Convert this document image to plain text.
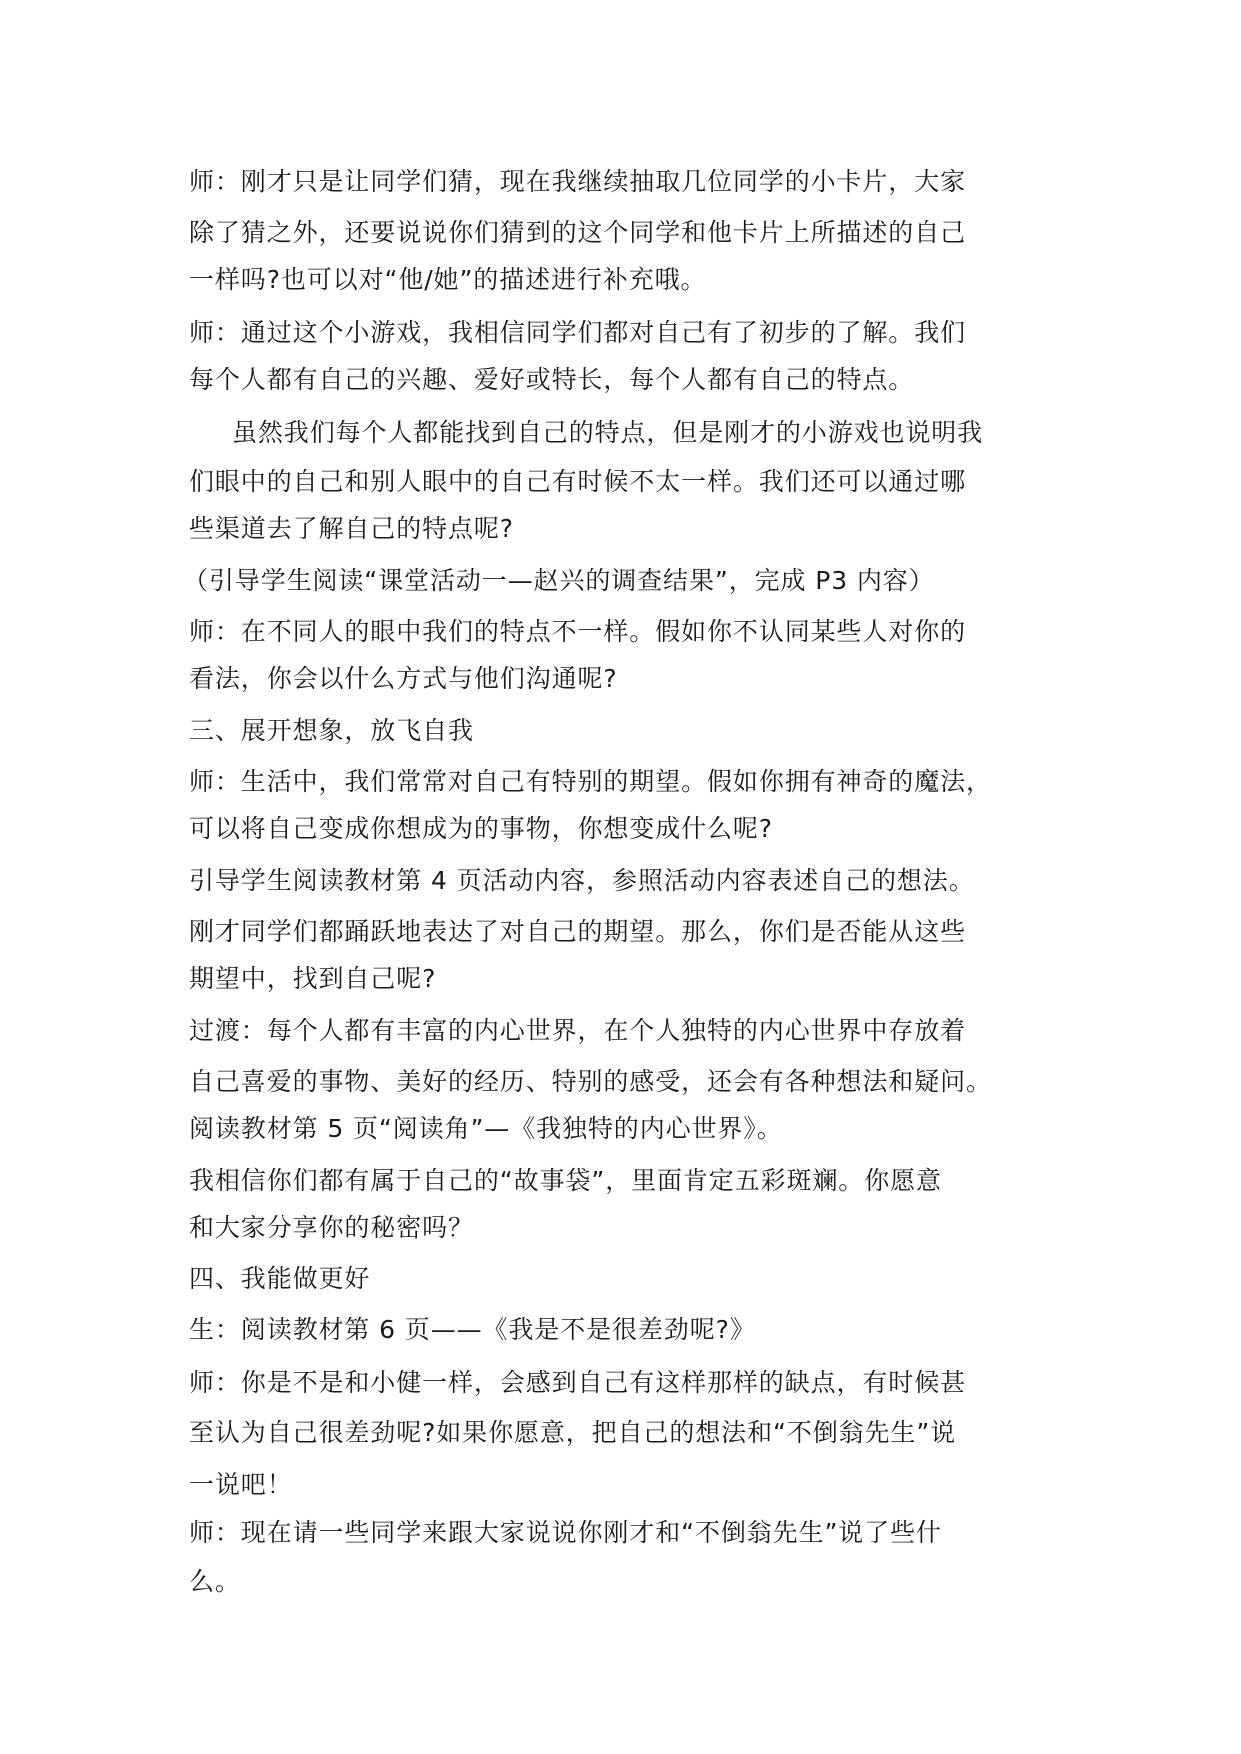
师：刚才只是让同学们猜，现在我继续抽取几位同学的小卡片，大家
除了猜之外，还要说说你们猜到的这个同学和他卡片上所描述的自己
一样吗?也可以对“他/她”的描述进行补充哦。
师：通过这个小游戏，我相信同学们都对自己有了初步的了解。我们
每个人都有自己的兴趣、爱好或特长，每个人都有自己的特点。
虽然我们每个人都能找到自己的特点，但是刚才的小游戏也说明我
们眼中的自己和别人眼中的自己有时候不太一样。我们还可以通过哪
些渠道去了解自己的特点呢?
（引导学生阅读“课堂活动一—赵兴的调查结果”，完成 P3 内容）
师：在不同人的眼中我们的特点不一样。假如你不认同某些人对你的
看法，你会以什么方式与他们沟通呢?
三、展开想象，放飞自我
师：生活中，我们常常对自己有特别的期望。假如你拥有神奇的魔法，
可以将自己变成你想成为的事物，你想变成什么呢?
引导学生阅读教材第 4 页活动内容，参照活动内容表述自己的想法。
刚才同学们都踊跃地表达了对自己的期望。那么，你们是否能从这些
期望中，找到自己呢?
过渡：每个人都有丰富的内心世界，在个人独特的内心世界中存放着
自己喜爱的事物、美好的经历、特别的感受，还会有各种想法和疑问。
阅读教材第 5 页“阅读角”—《我独特的内心世界》。
我相信你们都有属于自己的“故事袋”，里面肯定五彩斑斓。你愿意
和大家分享你的秘密吗？
四、我能做更好
生：阅读教材第 6 页——《我是不是很差劲呢?》
师：你是不是和小健一样，会感到自己有这样那样的缺点，有时候甚
至认为自己很差劲呢?如果你愿意，把自己的想法和“不倒翁先生”说
一说吧！
师：现在请一些同学来跟大家说说你刚才和“不倒翁先生”说了些什
么。
